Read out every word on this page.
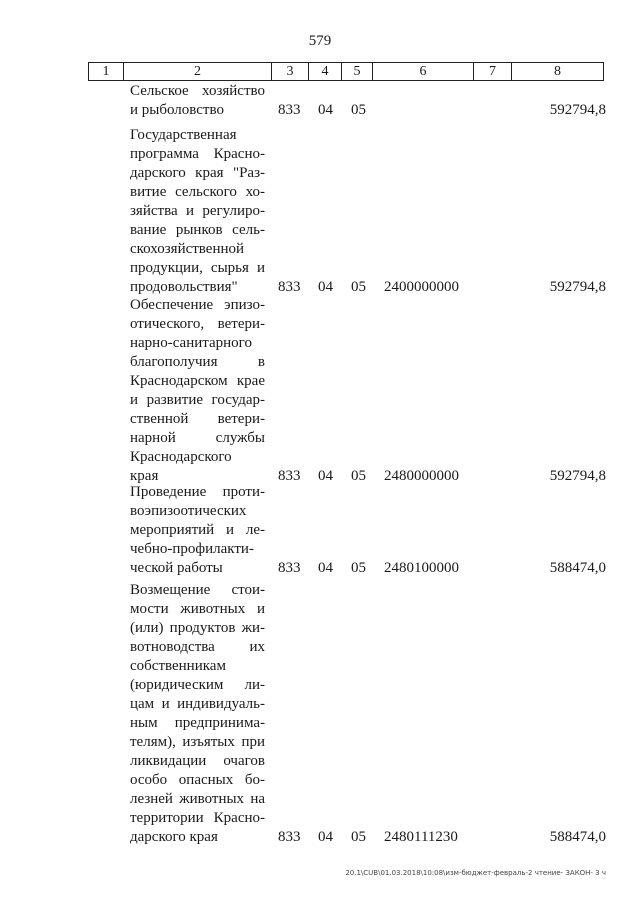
579
1	2	3	4	5	6	7	8
Сельское хозяйство
и рыболовство	833 04 05	592794,8
Государственная
программа Красно-
дарского края "Раз-
витие сельского хо-
зяйства и регулиро-
вание рынков сель-
скохозяйственной
продукции, сырья и
продовольствия"	833 04 05 2400000000	592794,8
Обеспечение эпизо-
отического, ветери-
нарно-санитарного
благополучия в
Краснодарском крае
и развитие государ-
ственной ветери-
нарной службы
Краснодарского
края	833 04 05 2480000000	592794,8
Проведение проти-
воэпизоотических
мероприятий и ле-
чебно-профилакти-
ческой работы	833 04 05 2480100000	588474,0
Возмещение стои-
мости животных и
(или) продуктов жи-
вотноводства их
собственникам
(юридическим ли-
цам и индивидуаль-
ным предпринима-
телям), изъятых при
ликвидации очагов
особо опасных бо-
лезней животных на
территории Красно-
дарского края	833 04 05 2480111230	588474,0
20.1\CUB\01.03.2018\10:08\изм-бюджет-февраль-2 чтение- ЗАКОН- 3 ч
